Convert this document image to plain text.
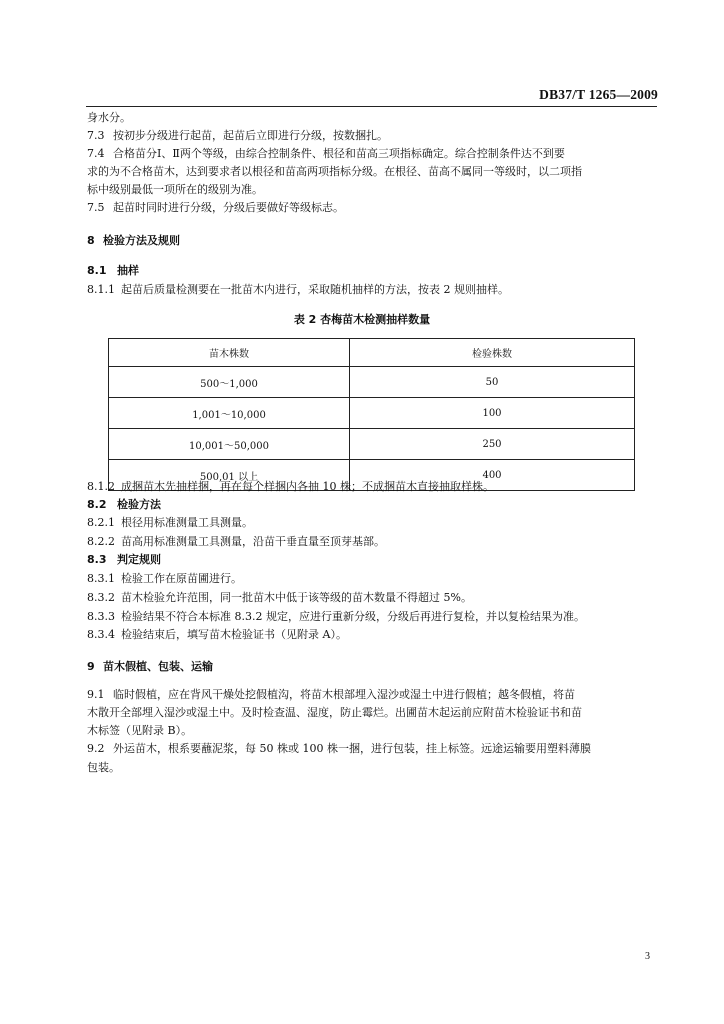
DB37/T 1265—2009
身水分。
7.3 按初步分级进行起苗，起苗后立即进行分级，按数捆扎。
7.4 合格苗分Ⅰ、Ⅱ两个等级，由综合控制条件、根径和苗高三项指标确定。综合控制条件达不到要
求的为不合格苗木，达到要求者以根径和苗高两项指标分级。在根径、苗高不属同一等级时，以二项指
标中级别最低一项所在的级别为准。
7.5 起苗时同时进行分级，分级后要做好等级标志。
8 检验方法及规则
8.1 抽样
8.1.1 起苗后质量检测要在一批苗木内进行，采取随机抽样的方法，按表 2 规则抽样。
表 2 杏梅苗木检测抽样数量
苗木株数	检验株数
500～1,000	50
1,001～10,000	100
10,001～50,000	250
500,01 以上	400
8.1.2 成捆苗木先抽样捆，再在每个样捆内各抽 10 株；不成捆苗木直接抽取样株。
8.2 检验方法
8.2.1 根径用标准测量工具测量。
8.2.2 苗高用标准测量工具测量，沿苗干垂直量至顶芽基部。
8.3 判定规则
8.3.1 检验工作在原苗圃进行。
8.3.2 苗木检验允许范围，同一批苗木中低于该等级的苗木数量不得超过 5%。
8.3.3 检验结果不符合本标准 8.3.2 规定，应进行重新分级，分级后再进行复检，并以复检结果为准。
8.3.4 检验结束后，填写苗木检验证书（见附录 A）。
9 苗木假植、包装、运输
9.1 临时假植，应在背风干燥处挖假植沟，将苗木根部埋入湿沙或湿土中进行假植；越冬假植，将苗
木散开全部埋入湿沙或湿土中。及时检查温、湿度，防止霉烂。出圃苗木起运前应附苗木检验证书和苗
木标签（见附录 B）。
9.2 外运苗木，根系要蘸泥浆，每 50 株或 100 株一捆，进行包装，挂上标签。远途运输要用塑料薄膜
包装。
3
